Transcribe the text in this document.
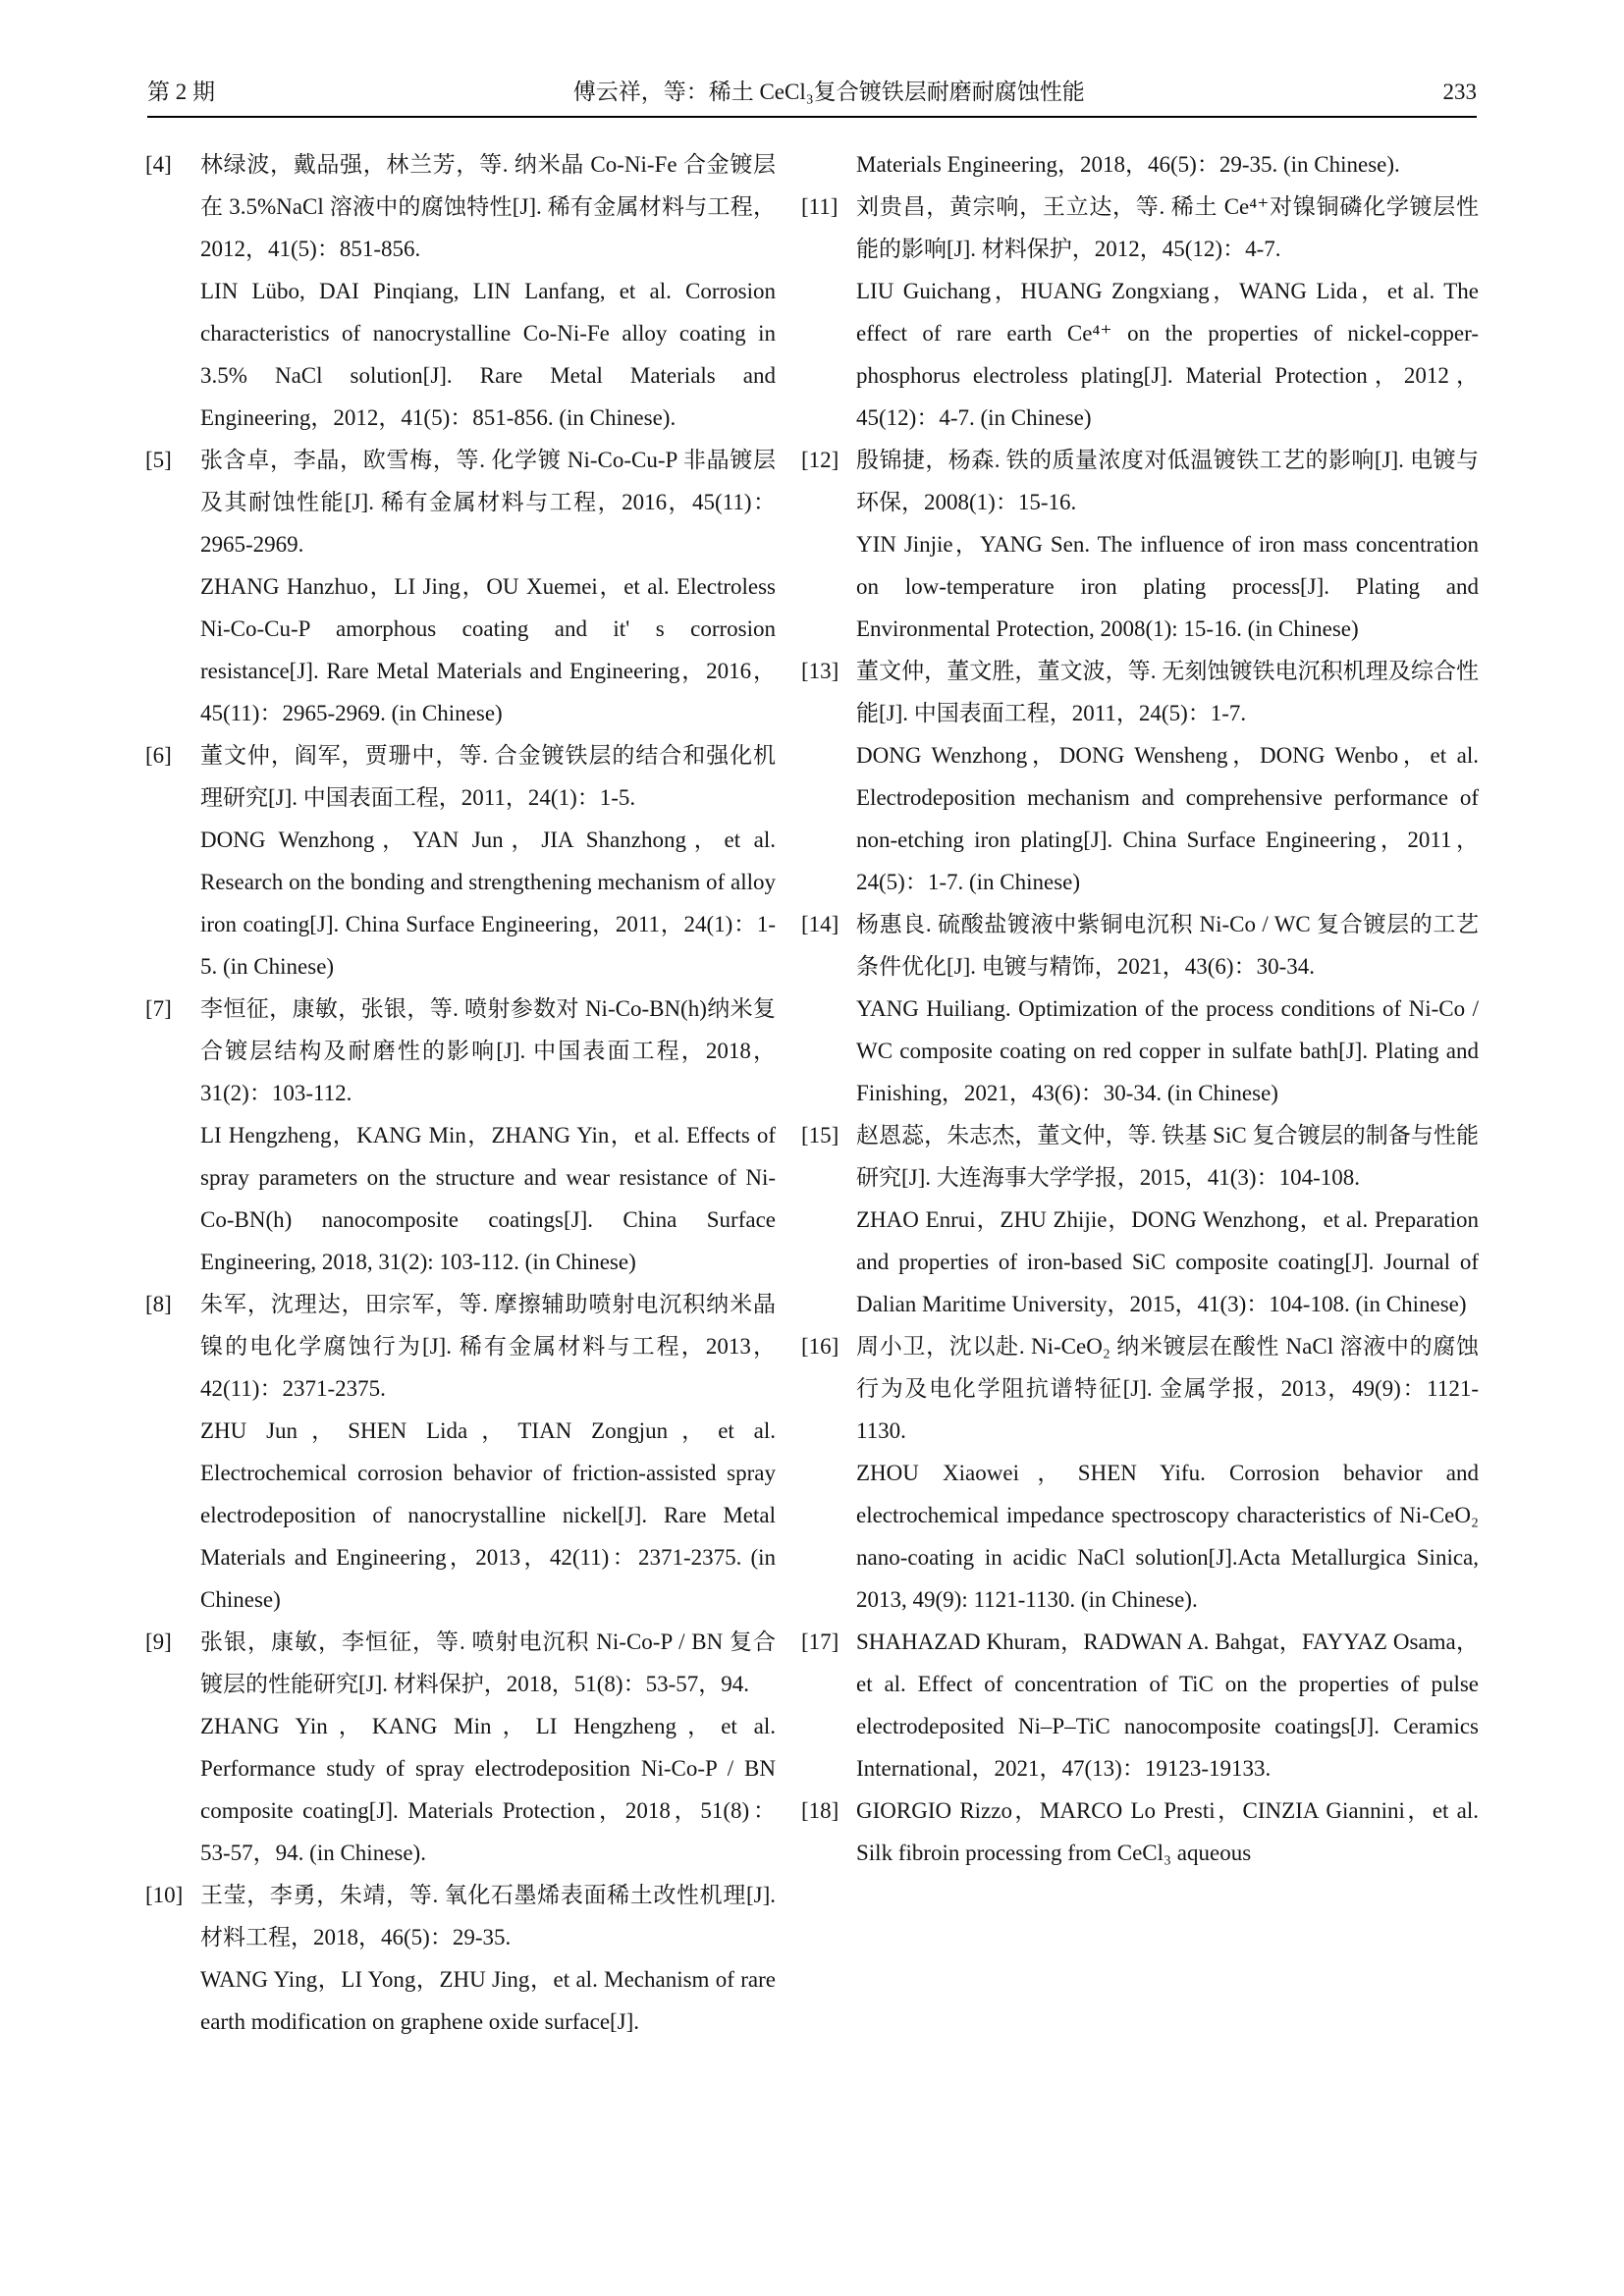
第 2 期	傅云祥，等：稀土 CeCl₃复合镀铁层耐磨耐腐蚀性能	233
[4]	林绿波，戴品强，林兰芳，等. 纳米晶 Co-Ni-Fe 合金镀层在 3.5%NaCl 溶液中的腐蚀特性[J]. 稀有金属材料与工程，2012，41(5)：851-856.

LIN Lübo, DAI Pinqiang, LIN Lanfang, et al. Corrosion characteristics of nanocrystalline Co-Ni-Fe alloy coating in 3.5% NaCl solution[J]. Rare Metal Materials and Engineering，2012，41(5)：851-856. (in Chinese).

[5]	张含卓，李晶，欧雪梅，等. 化学镀 Ni-Co-Cu-P 非晶镀层及其耐蚀性能[J]. 稀有金属材料与工程，2016，45(11)：2965-2969.

ZHANG Hanzhuo，LI Jing，OU Xuemei，et al. Electroless Ni-Co-Cu-P amorphous coating and it' s corrosion resistance[J]. Rare Metal Materials and Engineering，2016，45(11)：2965-2969. (in Chinese)

[6]	董文仲，阎军，贾珊中，等. 合金镀铁层的结合和强化机理研究[J]. 中国表面工程，2011，24(1)：1-5.

DONG Wenzhong，YAN Jun，JIA Shanzhong，et al. Research on the bonding and strengthening mechanism of alloy iron coating[J]. China Surface Engineering，2011，24(1)：1-5. (in Chinese)

[7]	李恒征，康敏，张银，等. 喷射参数对 Ni-Co-BN(h)纳米复合镀层结构及耐磨性的影响[J]. 中国表面工程，2018，31(2)：103-112.

LI Hengzheng，KANG Min，ZHANG Yin，et al. Effects of spray parameters on the structure and wear resistance of Ni-Co-BN(h) nanocomposite coatings[J]. China Surface Engineering, 2018, 31(2): 103-112. (in Chinese)

[8]	朱军，沈理达，田宗军，等. 摩擦辅助喷射电沉积纳米晶镍的电化学腐蚀行为[J]. 稀有金属材料与工程，2013，42(11)：2371-2375.

ZHU Jun，SHEN Lida，TIAN Zongjun，et al. Electrochemical corrosion behavior of friction-assisted spray electrodeposition of nanocrystalline nickel[J]. Rare Metal Materials and Engineering，2013，42(11)：2371-2375. (in Chinese)

[9]	张银，康敏，李恒征，等. 喷射电沉积 Ni-Co-P / BN 复合镀层的性能研究[J]. 材料保护，2018，51(8)：53-57，94.

ZHANG Yin，KANG Min，LI Hengzheng，et al. Performance study of spray electrodeposition Ni-Co-P / BN composite coating[J]. Materials Protection，2018，51(8)：53-57，94. (in Chinese).

[10] 王莹，李勇，朱靖，等. 氧化石墨烯表面稀土改性机理[J]. 材料工程，2018，46(5)：29-35.

WANG Ying，LI Yong，ZHU Jing，et al. Mechanism of rare earth modification on graphene oxide surface[J].

Materials Engineering，2018，46(5)：29-35. (in Chinese).

[11] 刘贵昌，黄宗响，王立达，等. 稀土 Ce⁴⁺对镍铜磷化学镀层性能的影响[J]. 材料保护，2012，45(12)：4-7.

LIU Guichang，HUANG Zongxiang，WANG Lida，et al. The effect of rare earth Ce⁴⁺ on the properties of nickel-copper-phosphorus electroless plating[J]. Material Protection，2012，45(12)：4-7. (in Chinese)

[12] 殷锦捷，杨森. 铁的质量浓度对低温镀铁工艺的影响[J]. 电镀与环保，2008(1)：15-16.

YIN Jinjie，YANG Sen. The influence of iron mass concentration on low-temperature iron plating process[J]. Plating and Environmental Protection, 2008(1): 15-16. (in Chinese)

[13] 董文仲，董文胜，董文波，等. 无刻蚀镀铁电沉积机理及综合性能[J]. 中国表面工程，2011，24(5)：1-7.

DONG Wenzhong，DONG Wensheng，DONG Wenbo，et al. Electrodeposition mechanism and comprehensive performance of non-etching iron plating[J]. China Surface Engineering，2011，24(5)：1-7. (in Chinese)

[14] 杨惠良. 硫酸盐镀液中紫铜电沉积 Ni-Co / WC 复合镀层的工艺条件优化[J]. 电镀与精饰，2021，43(6)：30-34.

YANG Huiliang. Optimization of the process conditions of Ni-Co / WC composite coating on red copper in sulfate bath[J]. Plating and Finishing，2021，43(6)：30-34. (in Chinese)

[15] 赵恩蕊，朱志杰，董文仲，等. 铁基 SiC 复合镀层的制备与性能研究[J]. 大连海事大学学报，2015，41(3)：104-108.

ZHAO Enrui，ZHU Zhijie，DONG Wenzhong，et al. Preparation and properties of iron-based SiC composite coating[J]. Journal of Dalian Maritime University，2015，41(3)：104-108. (in Chinese)

[16] 周小卫，沈以赴. Ni-CeO₂ 纳米镀层在酸性 NaCl 溶液中的腐蚀行为及电化学阻抗谱特征[J]. 金属学报，2013，49(9)：1121-1130.

ZHOU Xiaowei，SHEN Yifu. Corrosion behavior and electrochemical impedance spectroscopy characteristics of Ni-CeO₂ nano-coating in acidic NaCl solution[J].Acta Metallurgica Sinica, 2013, 49(9): 1121-1130. (in Chinese).

[17] SHAHAZAD Khuram，RADWAN A. Bahgat，FAYYAZ Osama，et al. Effect of concentration of TiC on the properties of pulse electrodeposited Ni–P–TiC nanocomposite coatings[J]. Ceramics International，2021，47(13)：19123-19133.

[18] GIORGIO Rizzo，MARCO Lo Presti，CINZIA Giannini，et al. Silk fibroin processing from CeCl₃ aqueous
